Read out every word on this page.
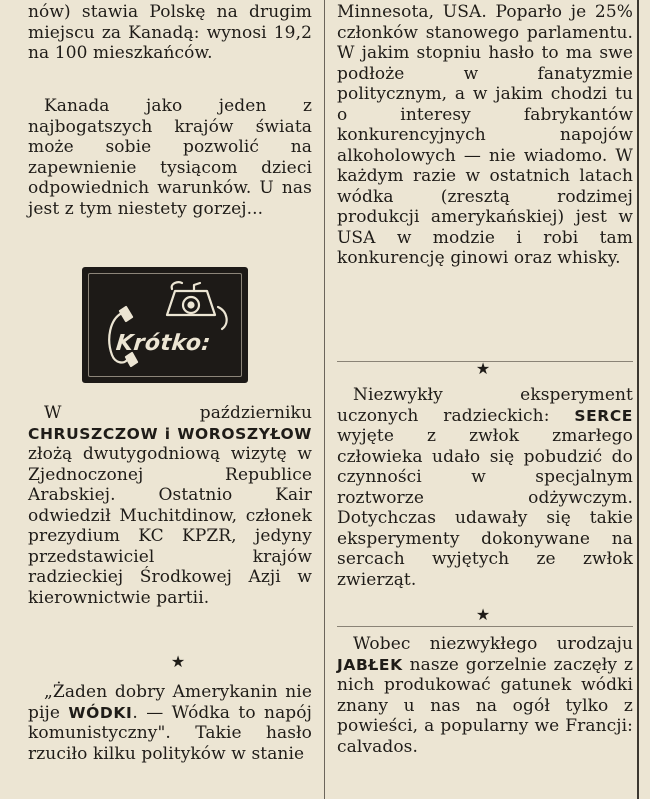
nów) stawia Polskę na drugim miejscu za Kanadą: wynosi 19,2 na 100 mieszkańców.

Kanada jako jeden z najbogatszych krajów świata może sobie pozwolić na zapewnienie tysiącom dzieci odpowiednich warunków. U nas jest z tym niestety gorzej...

W październiku CHRUSZCZOW i WOROSZYŁOW złożą dwutygodniową wizytę w Zjednoczonej Republice Arabskiej. Ostatnio Kair odwiedził Muchitdinow, członek prezydium KC KPZR, jedyny przedstawiciel krajów radzieckiej Środkowej Azji w kierownictwie partii.

★

„Żaden dobry Amerykanin nie pije WÓDKI. — Wódka to napój komunistyczny". Takie hasło rzuciło kilku polityków w stanie

Krótko:

Minnesota, USA. Poparło je 25% członków stanowego parlamentu. W jakim stopniu hasło to ma swe podłoże w fanatyzmie politycznym, a w jakim chodzi tu o interesy fabrykantów konkurencyjnych napojów alkoholowych — nie wiadomo. W każdym razie w ostatnich latach wódka (zresztą rodzimej produkcji amerykańskiej) jest w USA w modzie i robi tam konkurencję ginowi oraz whisky.

★

Niezwykły eksperyment uczonych radzieckich: SERCE wyjęte z zwłok zmarłego człowieka udało się pobudzić do czynności w specjalnym roztworze odżywczym. Dotychczas udawały się takie eksperymenty dokonywane na sercach wyjętych ze zwłok zwierząt.

★

Wobec niezwykłego urodzaju JABŁEK nasze gorzelnie zaczęły z nich produkować gatunek wódki znany u nas na ogół tylko z powieści, a popularny we Francji: calvados.
